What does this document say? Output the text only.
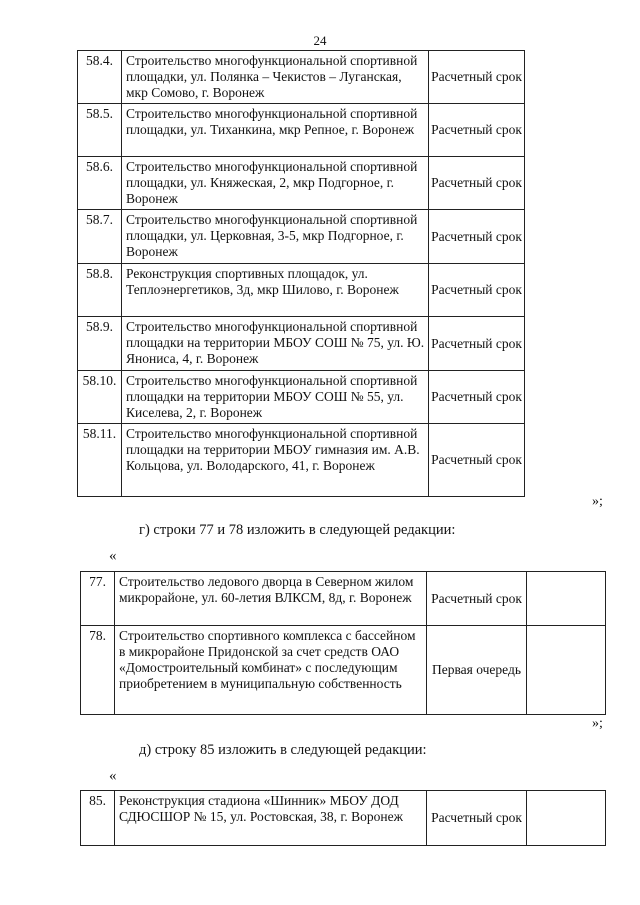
24
58.4.	Строительство многофункциональной спортивной площадки, ул. Полянка – Чекистов – Луганская, мкр Сомово, г. Воронеж	Расчетный срок
58.5.	Строительство многофункциональной спортивной площадки, ул. Тиханкина, мкр Репное, г. Воронеж	Расчетный срок
58.6.	Строительство многофункциональной спортивной площадки, ул. Княжеская, 2, мкр Подгорное, г. Воронеж	Расчетный срок
58.7.	Строительство многофункциональной спортивной площадки, ул. Церковная, 3-5, мкр Подгорное, г. Воронеж	Расчетный срок
58.8.	Реконструкция спортивных площадок, ул. Теплоэнергетиков, 3д, мкр Шилово, г. Воронеж	Расчетный срок
58.9.	Строительство многофункциональной спортивной площадки на территории МБОУ СОШ № 75, ул. Ю. Янониса, 4, г. Воронеж	Расчетный срок
58.10.	Строительство многофункциональной спортивной площадки на территории МБОУ СОШ № 55, ул. Киселева, 2, г. Воронеж	Расчетный срок
58.11.	Строительство многофункциональной спортивной площадки на территории МБОУ гимназия им. А.В. Кольцова, ул. Володарского, 41, г. Воронеж	Расчетный срок
»;
г) строки 77 и 78 изложить в следующей редакции:
«
77.	Строительство ледового дворца в Северном жилом микрорайоне, ул. 60-летия ВЛКСМ, 8д, г. Воронеж	Расчетный срок	
78.	Строительство спортивного комплекса с бассейном в микрорайоне Придонской за счет средств ОАО «Домостроительный комбинат» с последующим приобретением в муниципальную собственность	Первая очередь	
»;
д) строку 85 изложить в следующей редакции:
«
85.	Реконструкция стадиона «Шинник» МБОУ ДОД СДЮСШОР № 15, ул. Ростовская, 38, г. Воронеж	Расчетный срок	
